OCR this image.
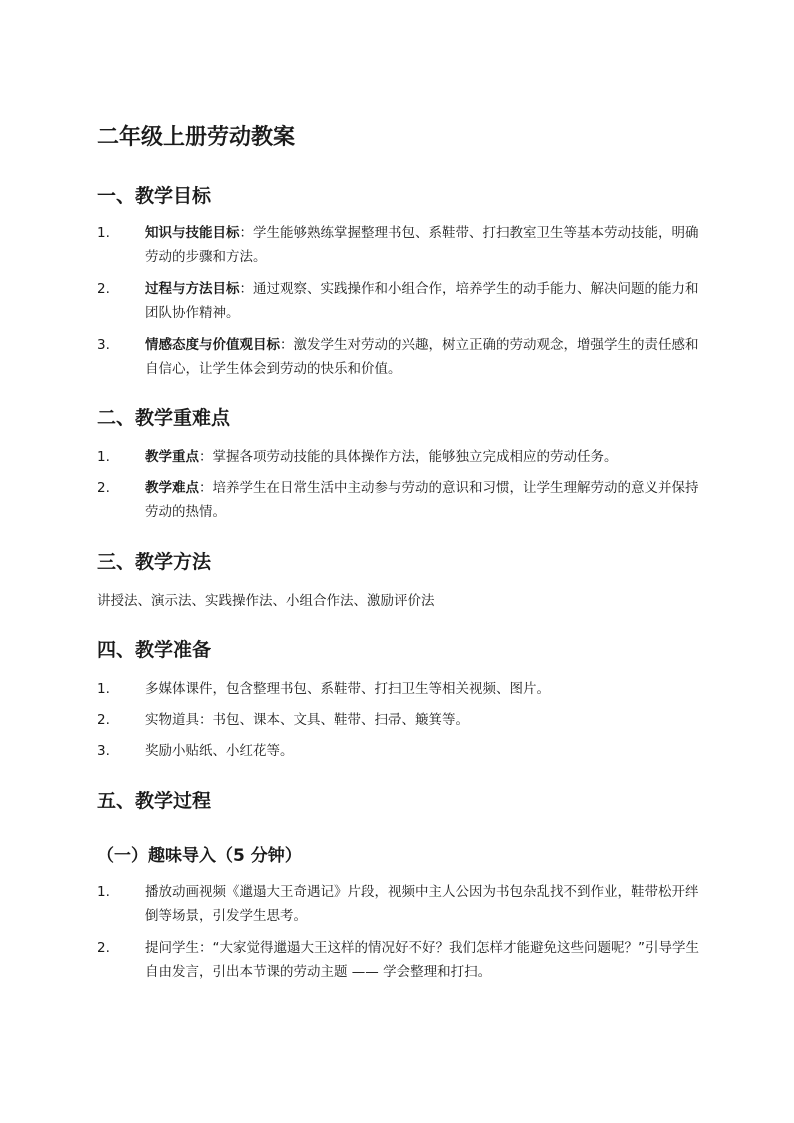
二年级上册劳动教案
一、教学目标
1.	知识与技能目标：学生能够熟练掌握整理书包、系鞋带、打扫教室卫生等基本劳动技能，明确劳动的步骤和方法。
2.	过程与方法目标：通过观察、实践操作和小组合作，培养学生的动手能力、解决问题的能力和团队协作精神。
3.	情感态度与价值观目标：激发学生对劳动的兴趣，树立正确的劳动观念，增强学生的责任感和自信心，让学生体会到劳动的快乐和价值。
二、教学重难点
1.	教学重点：掌握各项劳动技能的具体操作方法，能够独立完成相应的劳动任务。
2.	教学难点：培养学生在日常生活中主动参与劳动的意识和习惯，让学生理解劳动的意义并保持劳动的热情。
三、教学方法
讲授法、演示法、实践操作法、小组合作法、激励评价法
四、教学准备
1.	多媒体课件，包含整理书包、系鞋带、打扫卫生等相关视频、图片。
2.	实物道具：书包、课本、文具、鞋带、扫帚、簸箕等。
3.	奖励小贴纸、小红花等。
五、教学过程
（一）趣味导入（5 分钟）
1.	播放动画视频《邋遢大王奇遇记》片段，视频中主人公因为书包杂乱找不到作业，鞋带松开绊倒等场景，引发学生思考。
2.	提问学生：“大家觉得邋遢大王这样的情况好不好？我们怎样才能避免这些问题呢？”引导学生自由发言，引出本节课的劳动主题 —— 学会整理和打扫。
